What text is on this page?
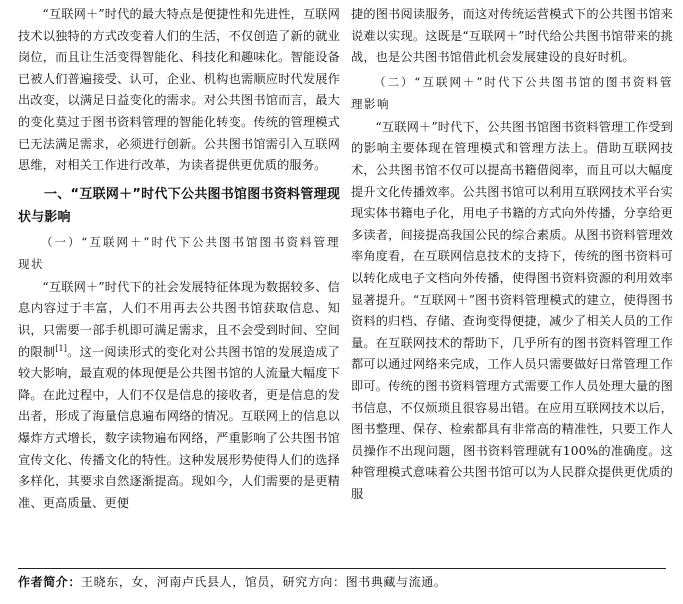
“互联网＋”时代的最大特点是便捷性和先进性，互联网技术以独特的方式改变着人们的生活，不仅创造了新的就业岗位，而且让生活变得智能化、科技化和趣味化。智能设备已被人们普遍接受、认可，企业、机构也需顺应时代发展作出改变，以满足日益变化的需求。对公共图书馆而言，最大的变化莫过于图书资料管理的智能化转变。传统的管理模式已无法满足需求，必须进行创新。公共图书馆需引入互联网思维，对相关工作进行改革，为读者提供更优质的服务。

一、“互联网＋”时代下公共图书馆图书资料管理现状与影响
（一）“互联网＋”时代下公共图书馆图书资料管理现状

“互联网＋”时代下的社会发展特征体现为数据较多、信息内容过于丰富，人们不用再去公共图书馆获取信息、知识，只需要一部手机即可满足需求，且不会受到时间、空间的限制[1]。这一阅读形式的变化对公共图书馆的发展造成了较大影响，最直观的体现便是公共图书馆的人流量大幅度下降。在此过程中，人们不仅是信息的接收者，更是信息的发出者，形成了海量信息遍布网络的情况。互联网上的信息以爆炸方式增长，数字读物遍布网络，严重影响了公共图书馆宣传文化、传播文化的特性。这种发展形势使得人们的选择多样化，其要求自然逐渐提高。现如今，人们需要的是更精准、更高质量、更便

捷的图书阅读服务，而这对传统运营模式下的公共图书馆来说难以实现。这既是“互联网＋”时代给公共图书馆带来的挑战，也是公共图书馆借此机会发展建设的良好时机。

（二）“互联网＋”时代下公共图书馆的图书资料管理影响

“互联网＋”时代下，公共图书馆图书资料管理工作受到的影响主要体现在管理模式和管理方法上。借助互联网技术，公共图书馆不仅可以提高书籍借阅率，而且可以大幅度提升文化传播效率。公共图书馆可以利用互联网技术平台实现实体书籍电子化，用电子书籍的方式向外传播，分享给更多读者，间接提高我国公民的综合素质。从图书资料管理效率角度看，在互联网信息技术的支持下，传统的图书资料可以转化成电子文档向外传播，使得图书资料资源的利用效率显著提升。“互联网＋”图书资料管理模式的建立，使得图书资料的归档、存储、查询变得便捷，减少了相关人员的工作量。在互联网技术的帮助下，几乎所有的图书资料管理工作都可以通过网络来完成，工作人员只需要做好日常管理工作即可。传统的图书资料管理方式需要工作人员处理大量的图书信息，不仅烦琐且很容易出错。在应用互联网技术以后，图书整理、保存、检索都具有非常高的精准性，只要工作人员操作不出现问题，图书资料管理就有100%的准确度。这种管理模式意味着公共图书馆可以为人民群众提供更优质的服

作者简介：王晓东，女，河南卢氏县人，馆员，研究方向：图书典藏与流通。
